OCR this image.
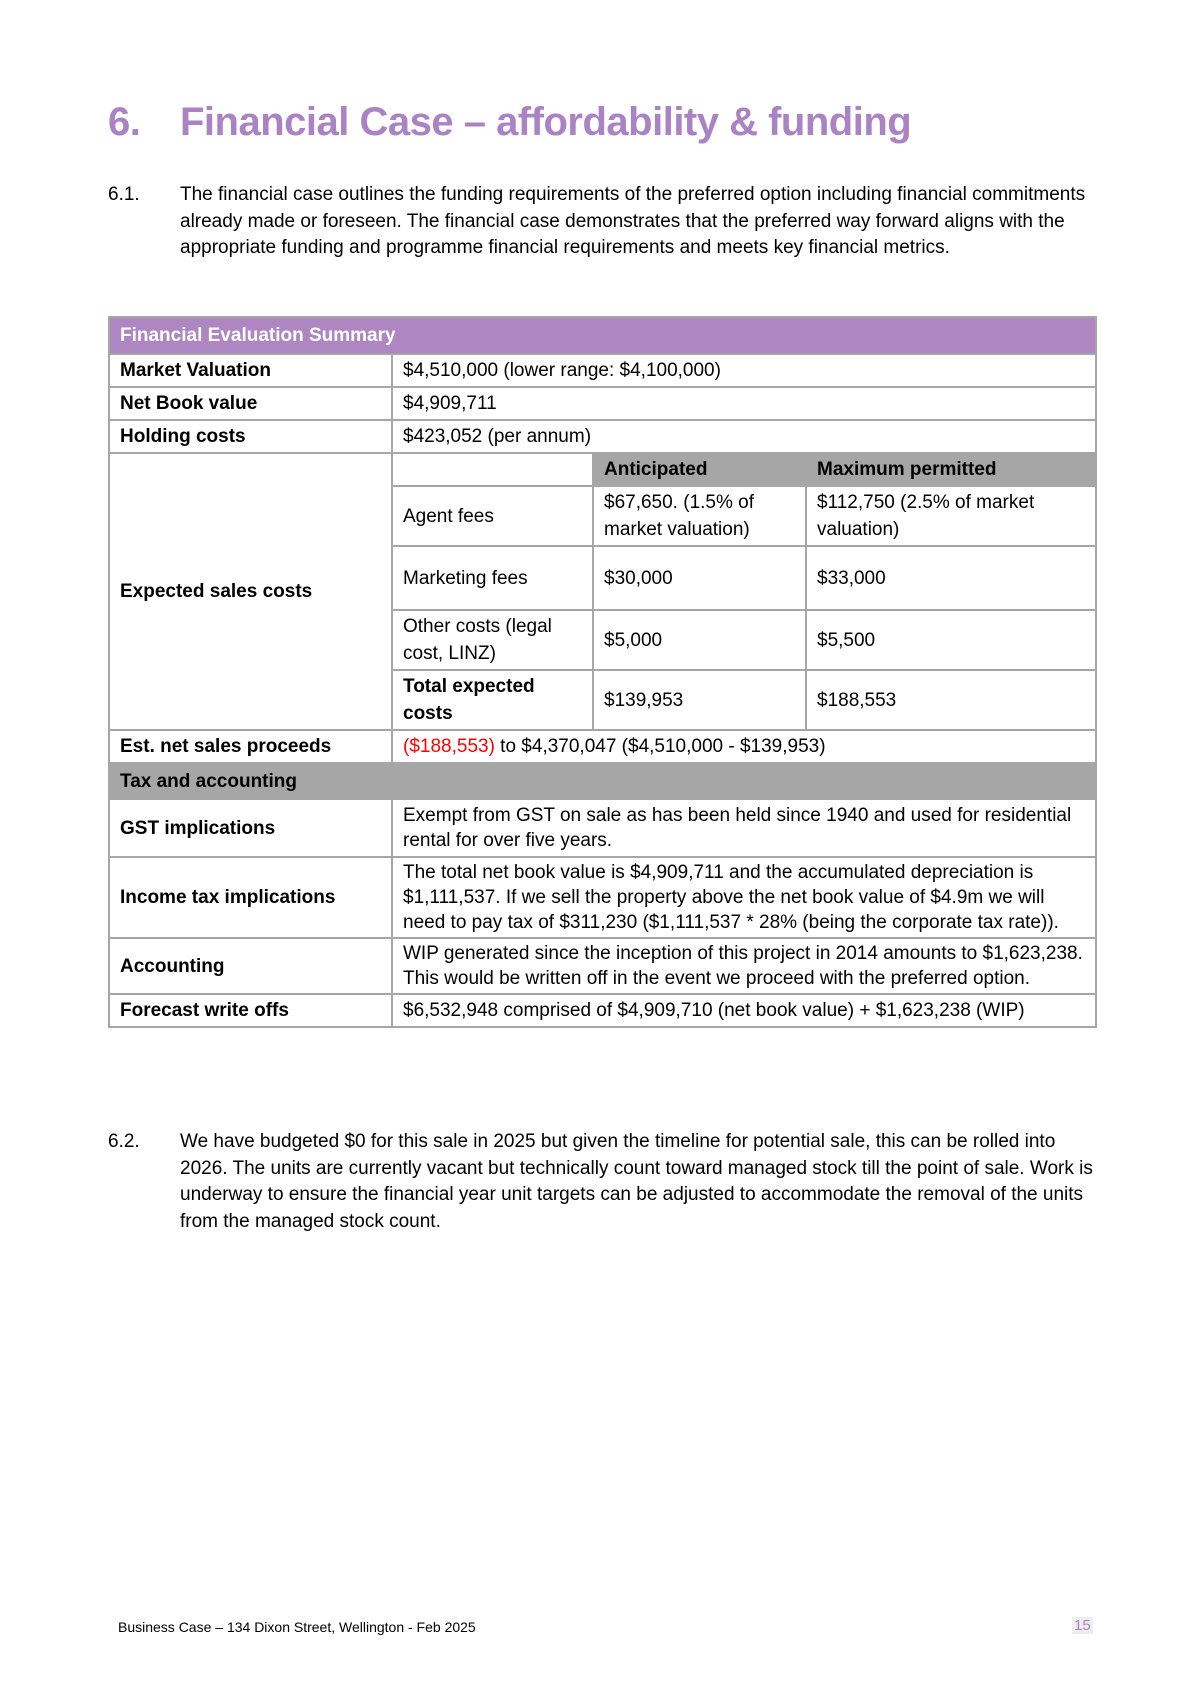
6. Financial Case – affordability & funding
6.1.	The financial case outlines the funding requirements of the preferred option including financial commitments already made or foreseen. The financial case demonstrates that the preferred way forward aligns with the appropriate funding and programme financial requirements and meets key financial metrics.
Financial Evaluation Summary
Market Valuation	$4,510,000 (lower range: $4,100,000)
Net Book value	$4,909,711
Holding costs	$423,052 (per annum)
Expected sales costs	
	Anticipated	Maximum permitted
Agent fees	$67,650. (1.5% of market valuation)	$112,750 (2.5% of market valuation)
Marketing fees	$30,000	$33,000
Other costs (legal cost, LINZ)	$5,000	$5,500
Total expected costs	$139,953	$188,553

Est. net sales proceeds	($188,553) to $4,370,047 ($4,510,000 - $139,953)
Tax and accounting
GST implications	Exempt from GST on sale as has been held since 1940 and used for residential rental for over five years.
Income tax implications	The total net book value is $4,909,711 and the accumulated depreciation is $1,111,537. If we sell the property above the net book value of $4.9m we will need to pay tax of $311,230 ($1,111,537 * 28% (being the corporate tax rate)).
Accounting	WIP generated since the inception of this project in 2014 amounts to $1,623,238. This would be written off in the event we proceed with the preferred option.
Forecast write offs	$6,532,948 comprised of $4,909,710 (net book value) + $1,623,238 (WIP)
6.2.	We have budgeted $0 for this sale in 2025 but given the timeline for potential sale, this can be rolled into 2026. The units are currently vacant but technically count toward managed stock till the point of sale. Work is underway to ensure the financial year unit targets can be adjusted to accommodate the removal of the units from the managed stock count.
Business Case – 134 Dixon Street, Wellington - Feb 2025	15
